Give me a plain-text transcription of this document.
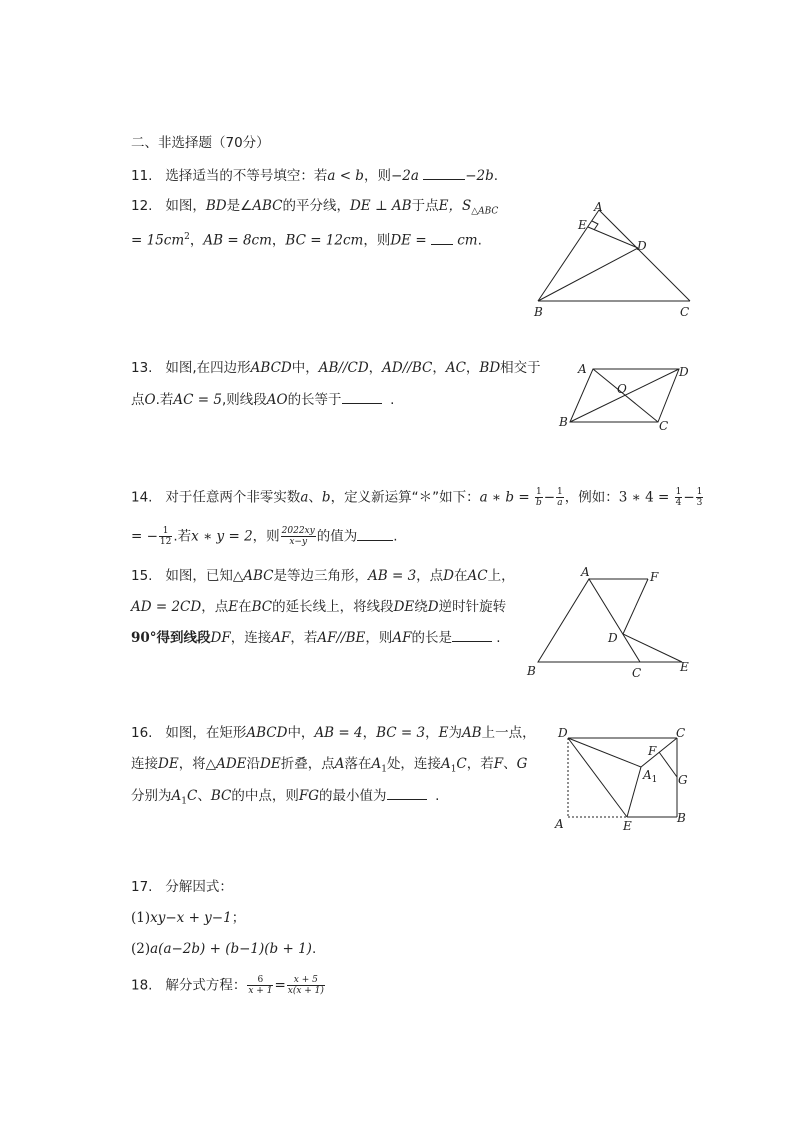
二、非选择题（70分）
11. 选择适当的不等号填空：若a < b，则−2a	−2b.
12. 如图，BD是∠ABC的平分线，DE ⊥ AB于点E，$S_{\triangle ABC}$
= $15cm^2$，AB = 8cm，BC = 12cm，则DE =  cm.
A
E
D
B	C
13. 如图,在四边形ABCD中，AB//CD，AD//BC，AC，BD相交于
点O.若AC = 5,则线段AO的长等于	.
A	D
O
B	C
14. 对于任意两个非零实数a、b，定义新运算“＊”如下：a ∗ $b = \frac{1}{b} - \frac{1}{a}$ ，例如：3 ∗ $4 = \frac{1}{4} - \frac{1}{3}$
= − $\frac{1}{12}$ .若x ∗ y = 2，则 $\frac{2022xy}{x-y}$ 的值为	.
15. 如图，已知△ABC是等边三角形，AB = 3，点D在AC上，
AD = 2CD，点E在BC的延长线上，将线段DE绕D逆时针旋转
90°得到线段DF，连接AF，若AF//BE，则AF的长是	.
A	F
D
B	C	E
16. 如图，在矩形ABCD中，AB = 4，BC = 3，E为AB上一点，
连接DE，将△ADE沿DE折叠，点A落在$A_1$处，连接$A_1C$，若F、G
分别为$A_1C$、BC的中点，则FG的最小值为	.
D	C
F
$A_1$ G
A	E
B
17. 分解因式：
(1)xy−x + y−1；
(2)a(a−2b) + (b−1)(b + 1).
18. 解分式方程： $\frac{6}{x + 1} = \frac{x + 5}{x(x + 1)}$
